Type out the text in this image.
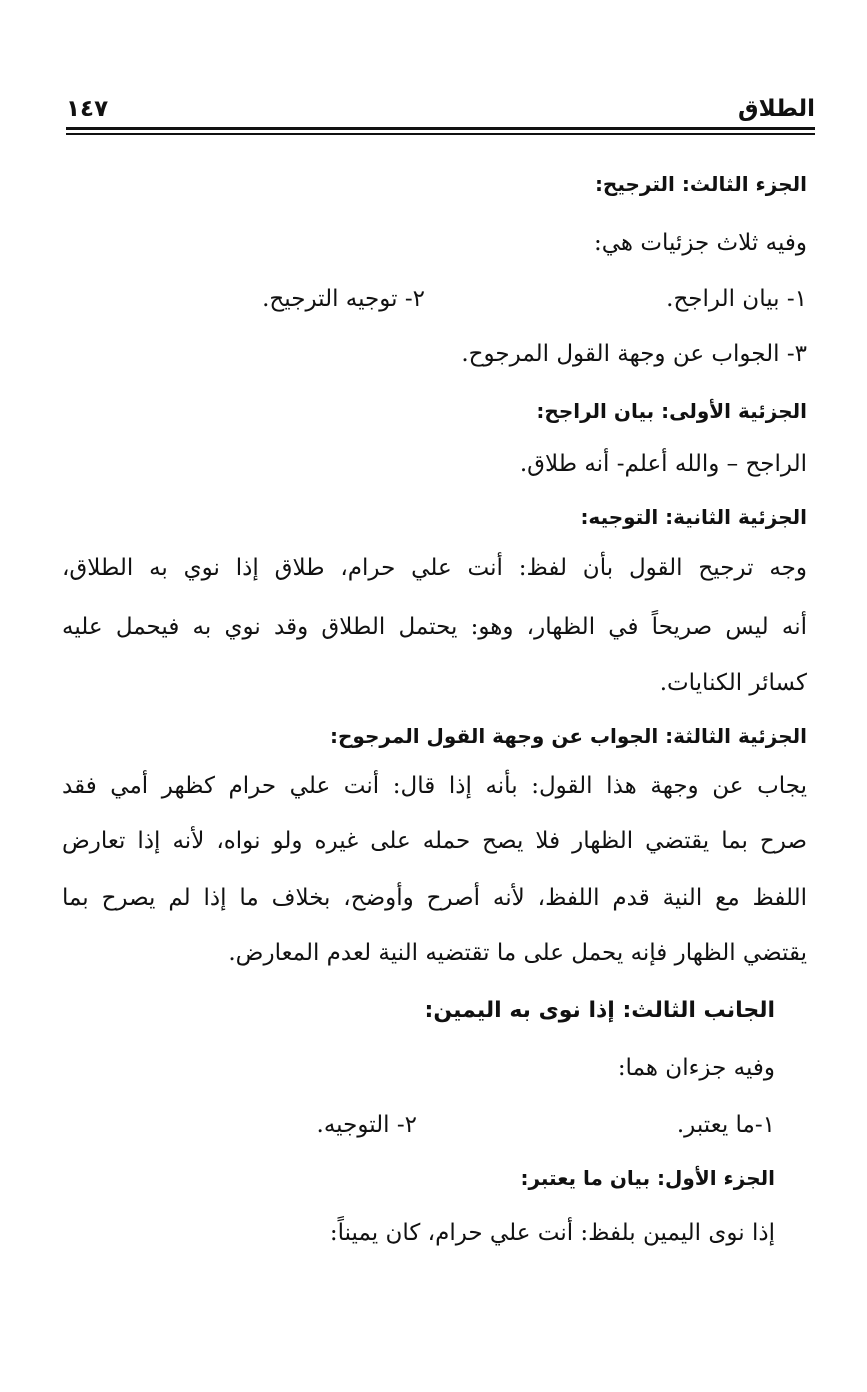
الطلاق
١٤٧
الجزء الثالث: الترجيح:
وفيه ثلاث جزئيات هي:
١- بيان الراجح.
٢- توجيه الترجيح.
٣- الجواب عن وجهة القول المرجوح.
الجزئية الأولى: بيان الراجح:
الراجح – والله أعلم- أنه طلاق.
الجزئية الثانية: التوجيه:
وجه ترجيح القول بأن لفظ: أنت علي حرام، طلاق إذا نوي به الطلاق،
أنه ليس صريحاً في الظهار، وهو: يحتمل الطلاق وقد نوي به فيحمل عليه
كسائر الكنايات.
الجزئية الثالثة: الجواب عن وجهة القول المرجوح:
يجاب عن وجهة هذا القول: بأنه إذا قال: أنت علي حرام كظهر أمي فقد
صرح بما يقتضي الظهار فلا يصح حمله على غيره ولو نواه، لأنه إذا تعارض
اللفظ مع النية قدم اللفظ، لأنه أصرح وأوضح، بخلاف ما إذا لم يصرح بما
يقتضي الظهار فإنه يحمل على ما تقتضيه النية لعدم المعارض.
الجانب الثالث: إذا نوى به اليمين:
وفيه جزءان هما:
١-ما يعتبر.
٢- التوجيه.
الجزء الأول: بيان ما يعتبر:
إذا نوى اليمين بلفظ: أنت علي حرام، كان يميناً:
